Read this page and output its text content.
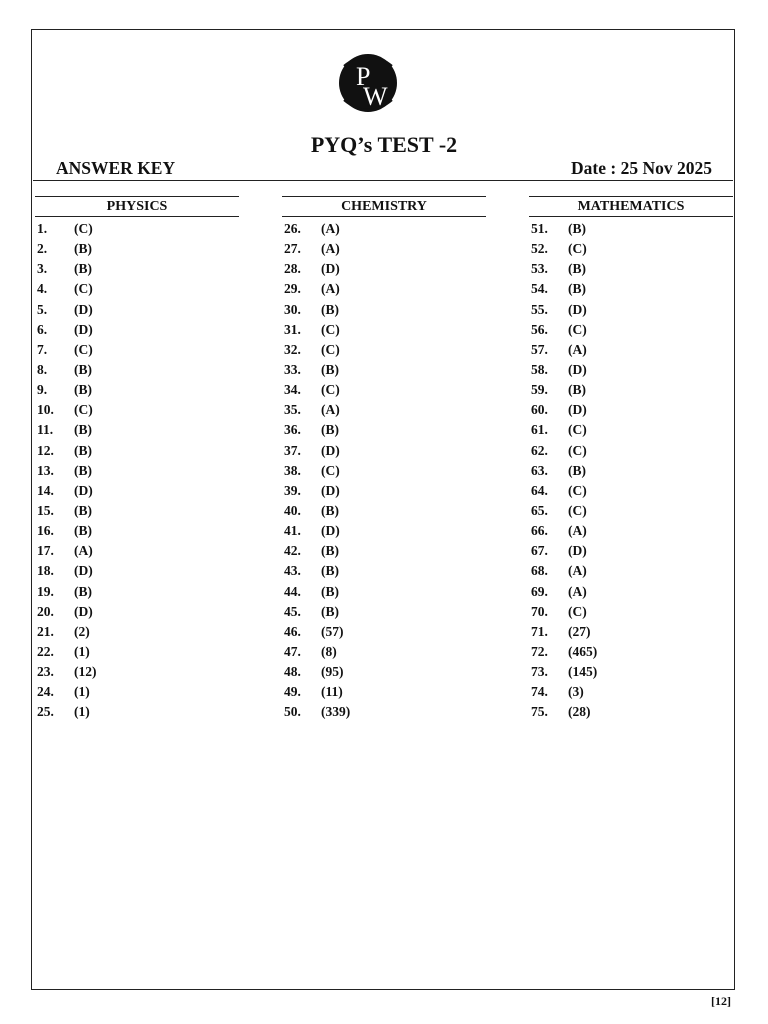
P
W
PYQ’s TEST -2
ANSWER KEY	Date : 25 Nov 2025
PHYSICS
1. (C)
2. (B)
3. (B)
4. (C)
5. (D)
6. (D)
7. (C)
8. (B)
9. (B)
10. (C)
11. (B)
12. (B)
13. (B)
14. (D)
15. (B)
16. (B)
17. (A)
18. (D)
19. (B)
20. (D)
21. (2)
22. (1)
23. (12)
24. (1)
25. (1)
CHEMISTRY
26. (A)
27. (A)
28. (D)
29. (A)
30. (B)
31. (C)
32. (C)
33. (B)
34. (C)
35. (A)
36. (B)
37. (D)
38. (C)
39. (D)
40. (B)
41. (D)
42. (B)
43. (B)
44. (B)
45. (B)
46. (57)
47. (8)
48. (95)
49. (11)
50. (339)
MATHEMATICS
51. (B)
52. (C)
53. (B)
54. (B)
55. (D)
56. (C)
57. (A)
58. (D)
59. (B)
60. (D)
61. (C)
62. (C)
63. (B)
64. (C)
65. (C)
66. (A)
67. (D)
68. (A)
69. (A)
70. (C)
71. (27)
72. (465)
73. (145)
74. (3)
75. (28)
[12]
